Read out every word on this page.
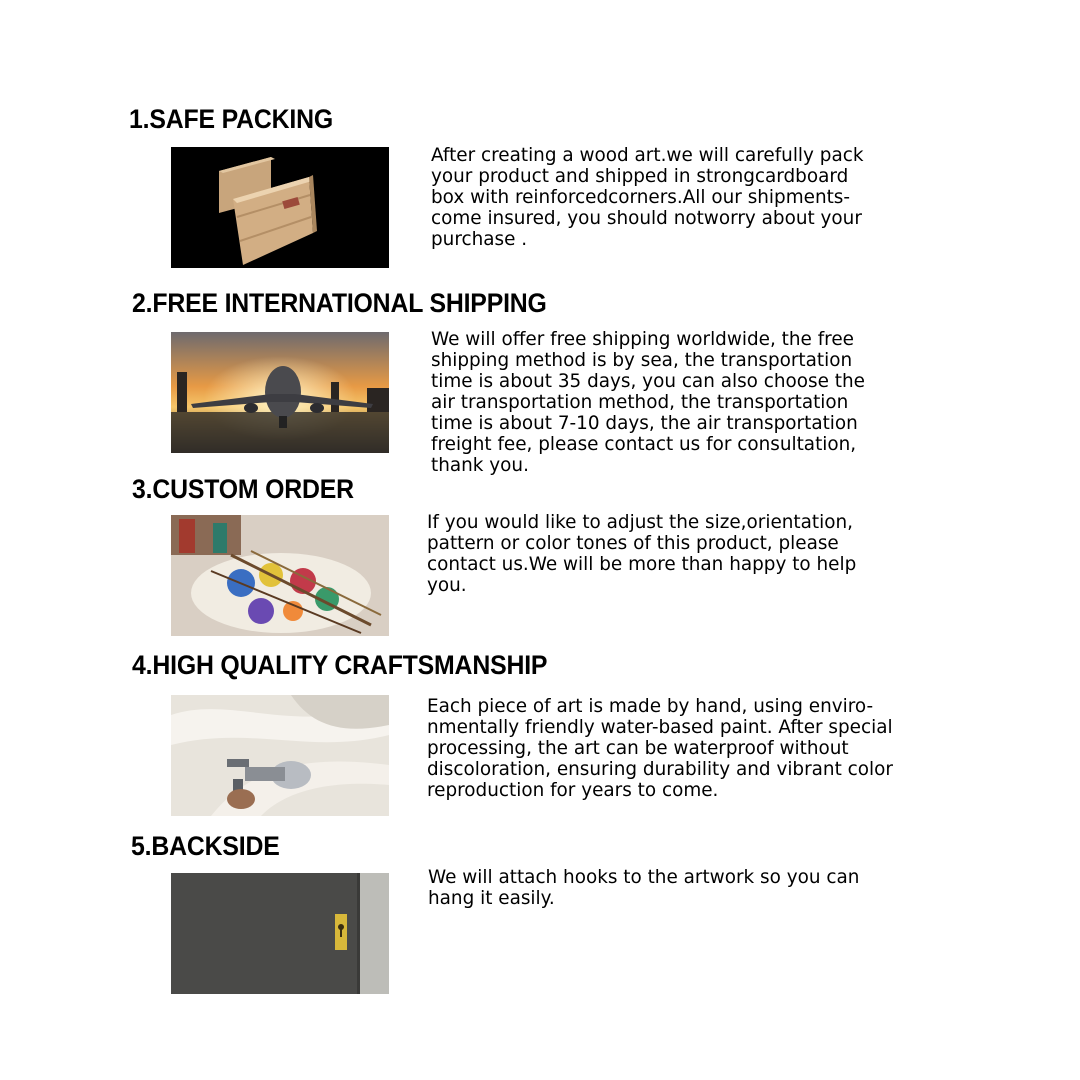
1.SAFE PACKING

After creating a wood art.we will carefully pack
your product and shipped in strongcardboard
box with reinforcedcorners.All our shipments-
come insured, you should notworry about your
purchase .

2.FREE INTERNATIONAL SHIPPING

We will offer free shipping worldwide, the free
shipping method is by sea, the transportation
time is about 35 days, you can also choose the
air transportation method, the transportation
time is about 7-10 days, the air transportation
freight fee, please contact us for consultation,
thank you.

3.CUSTOM ORDER

If you would like to adjust the size,orientation,
pattern or color tones of this product, please
contact us.We will be more than happy to help
you.

4.HIGH QUALITY CRAFTSMANSHIP

Each piece of art is made by hand, using enviro-
nmentally friendly water-based paint. After special
processing, the art can be waterproof without
discoloration, ensuring durability and vibrant color
reproduction for years to come.

5.BACKSIDE

We will attach hooks to the artwork so you can
hang it easily.
